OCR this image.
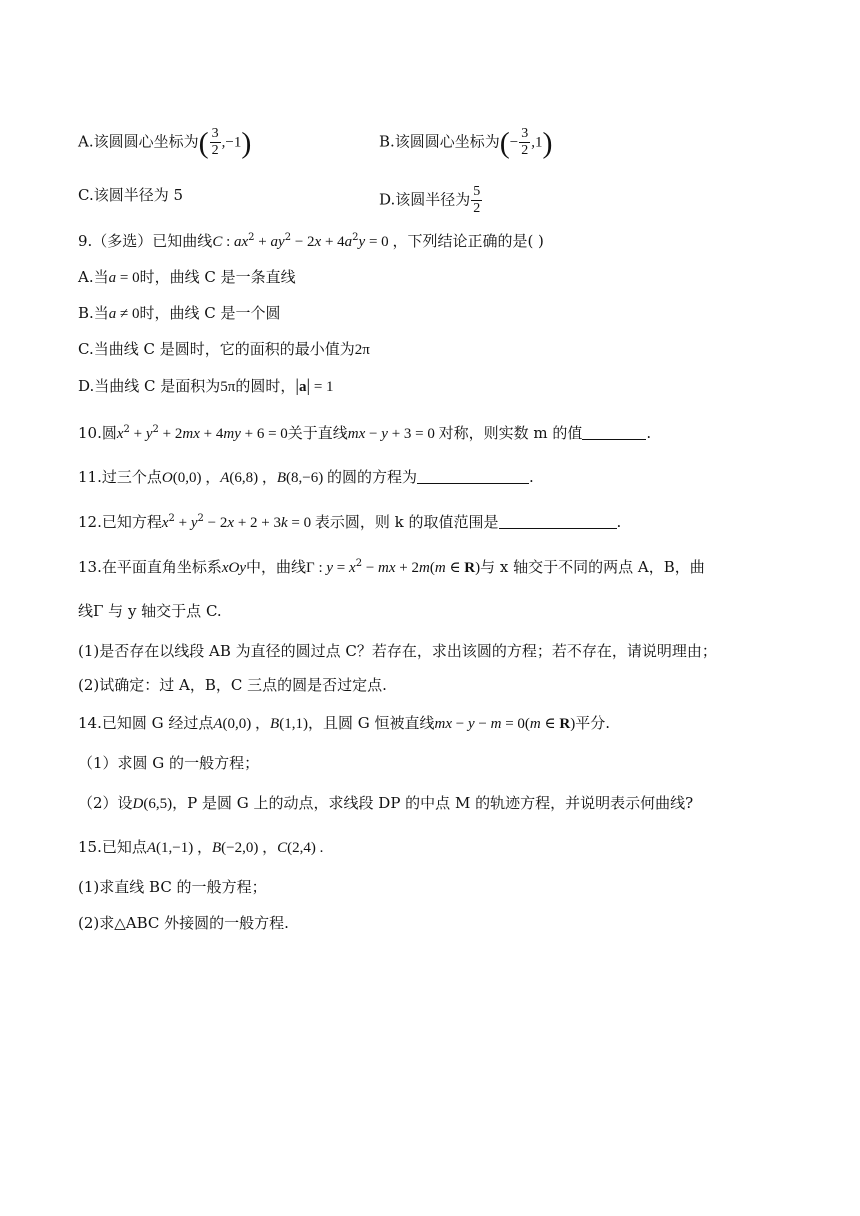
A.该圆圆心坐标为( $\frac{3}{2} ,-1$)	B.该圆圆心坐标为(− $\frac{3}{2} ,1$)
C.该圆半径为 5	D.该圆半径为 $\frac{5}{2}$
9.（多选）已知曲线C : $ax^2 + ay^2 - 2x + 4a^2y = 0$ ，下列结论正确的是( )
A.当a = 0时，曲线 C 是一条直线
B.当a ≠ 0时，曲线 C 是一个圆
C.当曲线 C 是圆时，它的面积的最小值为2π
D.当曲线 C 是面积为5π的圆时，|a| = 1
10.圆$x^2 + y^2 + 2mx + 4my + 6 = 0$关于直线mx − y + 3 = 0 对称，则实数 m 的值	.
11.过三个点O(0,0) ，A(6,8) ，B(8,−6) 的圆的方程为	.
12.已知方程$x^2 + y^2 - 2x + 2 + 3k = 0$ 表示圆，则 k 的取值范围是	.
13.在平面直角坐标系xOy中，曲线Γ : $y = x^2$ − mx + 2m(m ∈ R)与 x 轴交于不同的两点 A，B，曲
线Γ 与 y 轴交于点 C.
(1)是否存在以线段 AB 为直径的圆过点 C？若存在，求出该圆的方程；若不存在，请说明理由；
(2)试确定：过 A，B，C 三点的圆是否过定点.
14.已知圆 G 经过点A(0,0) ，B(1,1)，且圆 G 恒被直线mx − y − m = 0(m ∈ R)平分.
（1）求圆 G 的一般方程；
（2）设D(6,5)，P 是圆 G 上的动点，求线段 DP 的中点 M 的轨迹方程，并说明表示何曲线?
15.已知点A(1,−1) ，B(−2,0) ，C(2,4) .
(1)求直线 BC 的一般方程；
(2)求△ABC 外接圆的一般方程.
